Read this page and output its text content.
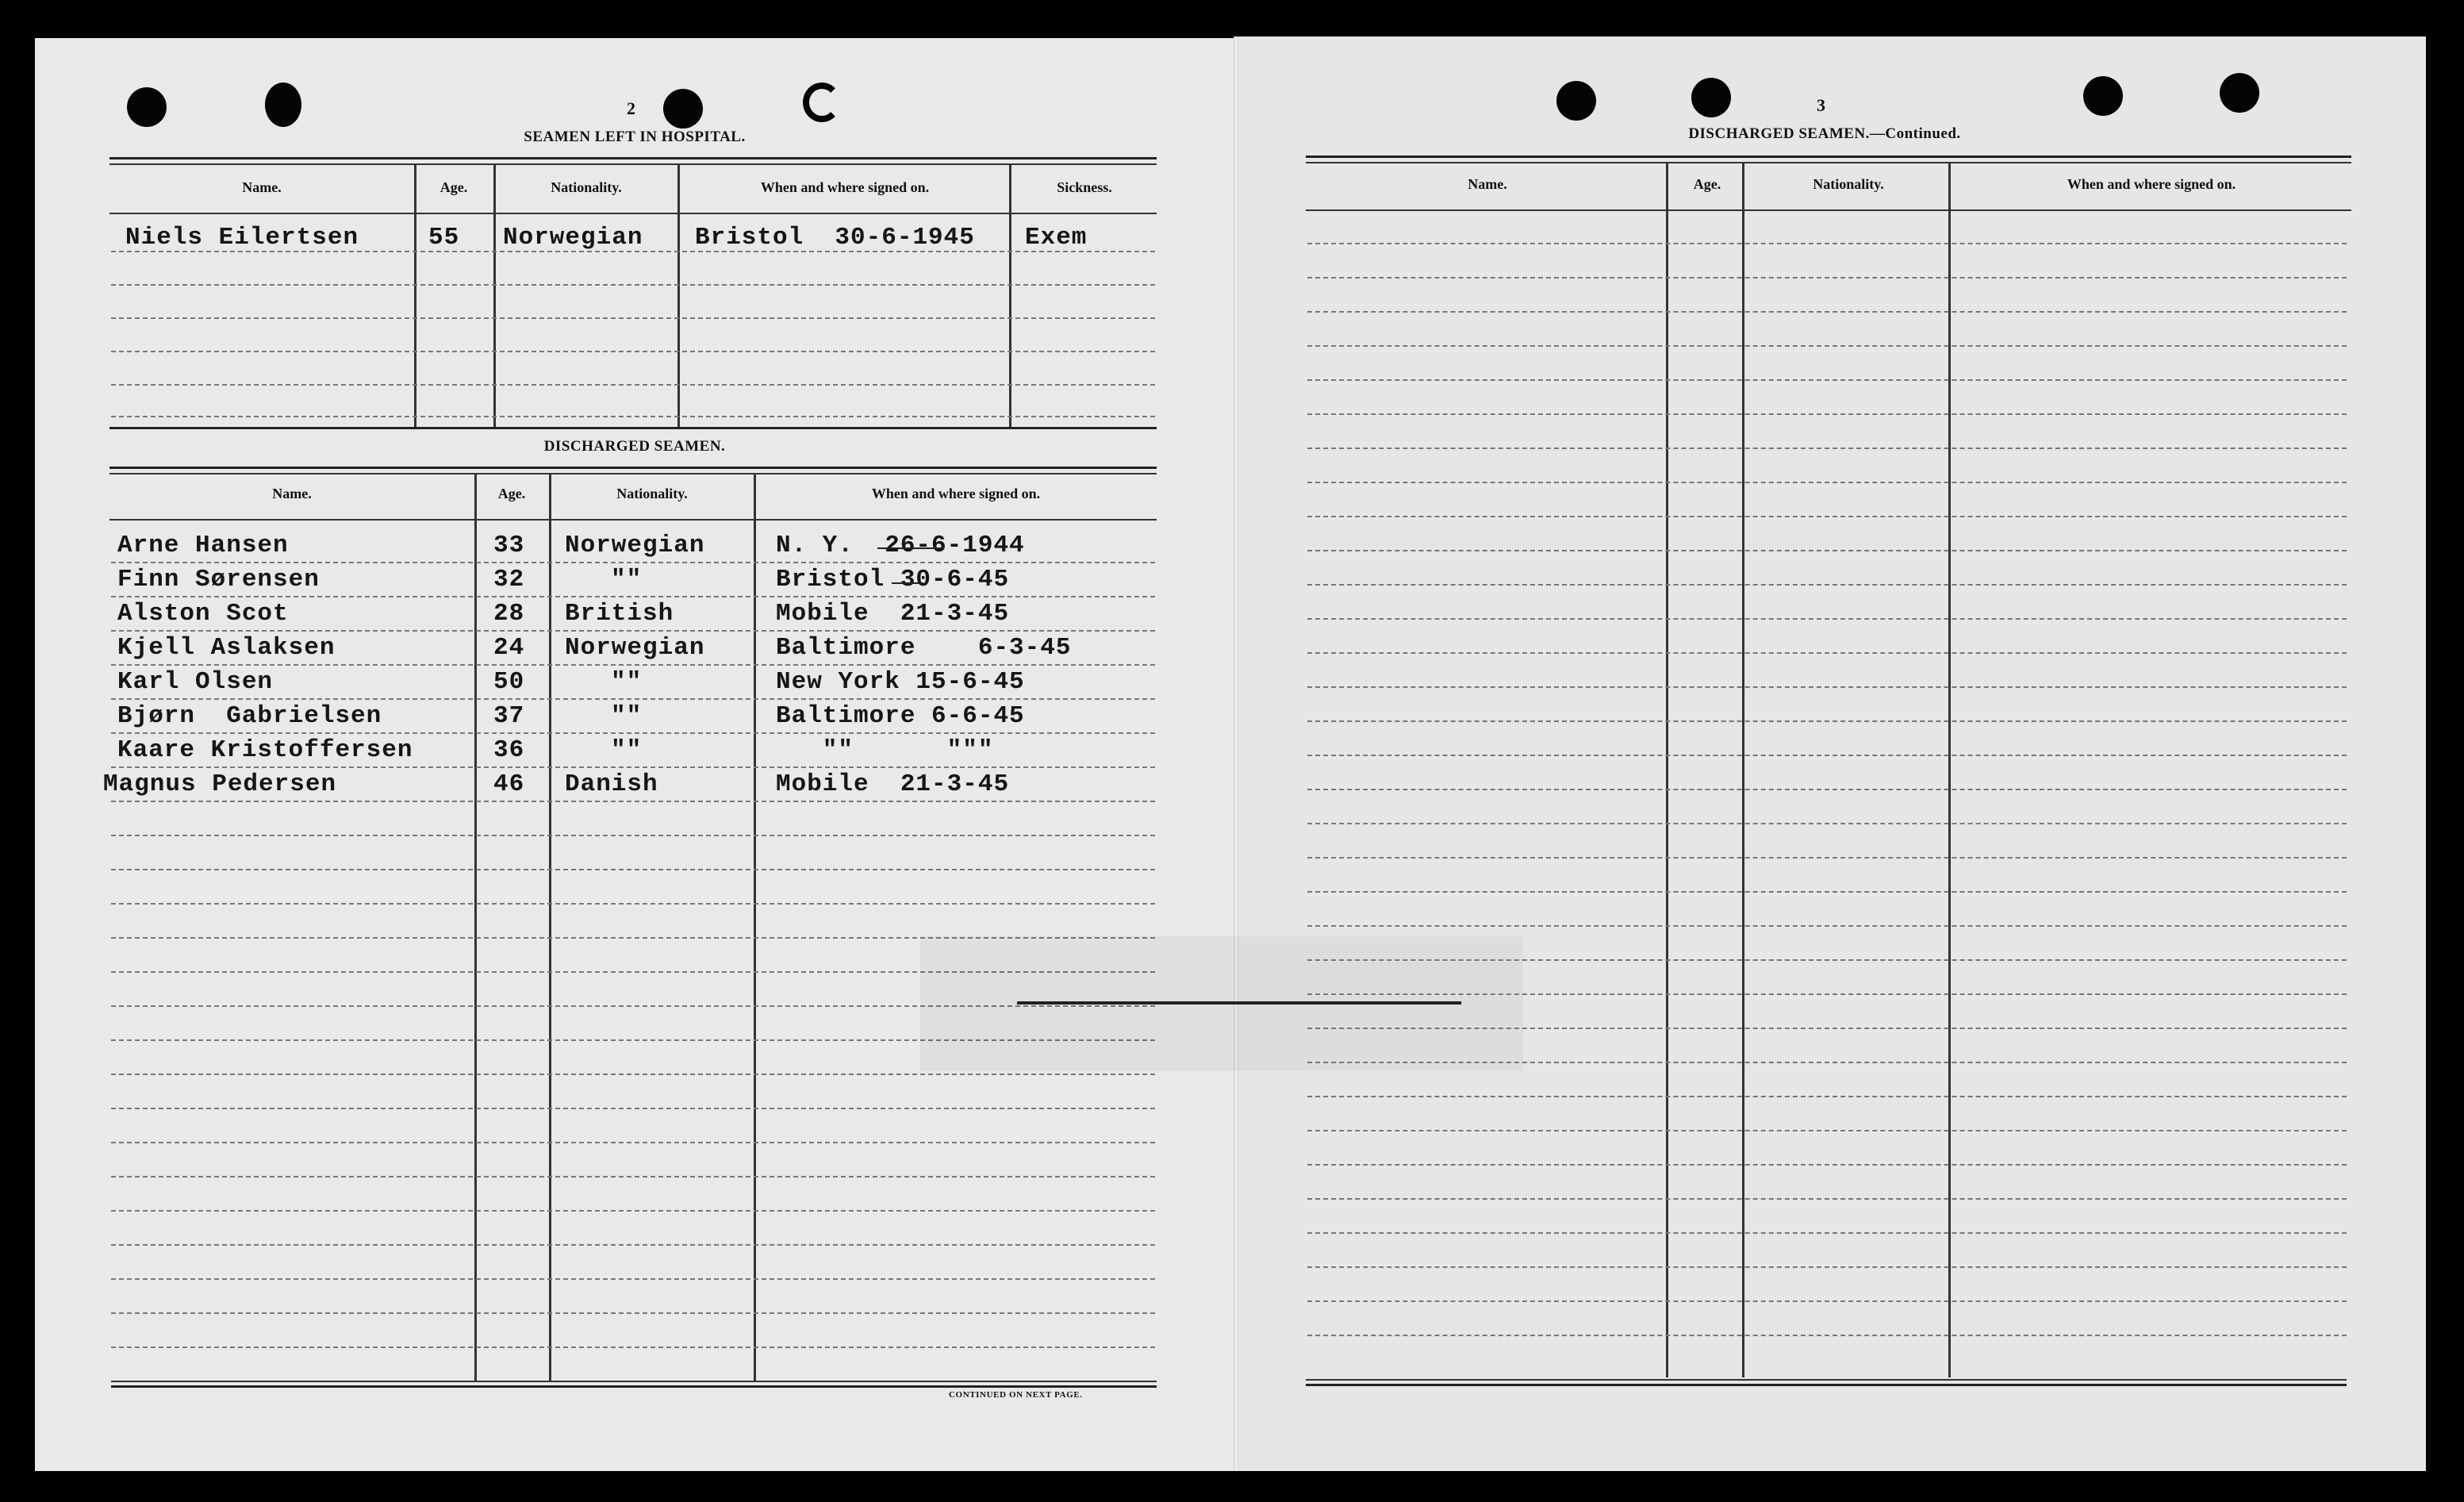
2
SEAMEN LEFT IN HOSPITAL.
Name.	Age.	Nationality.	When and where signed on.	Sickness.
Niels Eilertsen	55 Norwegian Bristol  30-6-1945 Exem
DISCHARGED SEAMEN.
Name.	Age.	Nationality.	When and where signed on.
Arne Hansen	33 Norwegian	N. Y.  26-6-1944
Finn Sørensen	32	""	Bristol 30-6-45
Alston Scot	28 British	Mobile  21-3-45
Kjell Aslaksen	24 Norwegian	Baltimore    6-3-45
Karl Olsen	50	""	New York 15-6-45
Bjørn  Gabrielsen	37	""	Baltimore 6-6-45
Kaare Kristoffersen	36	""	""      """
Magnus Pedersen	46 Danish	Mobile  21-3-45
CONTINUED ON NEXT PAGE.
3
DISCHARGED SEAMEN.—Continued.
Name.	Age.	Nationality.	When and where signed on.
